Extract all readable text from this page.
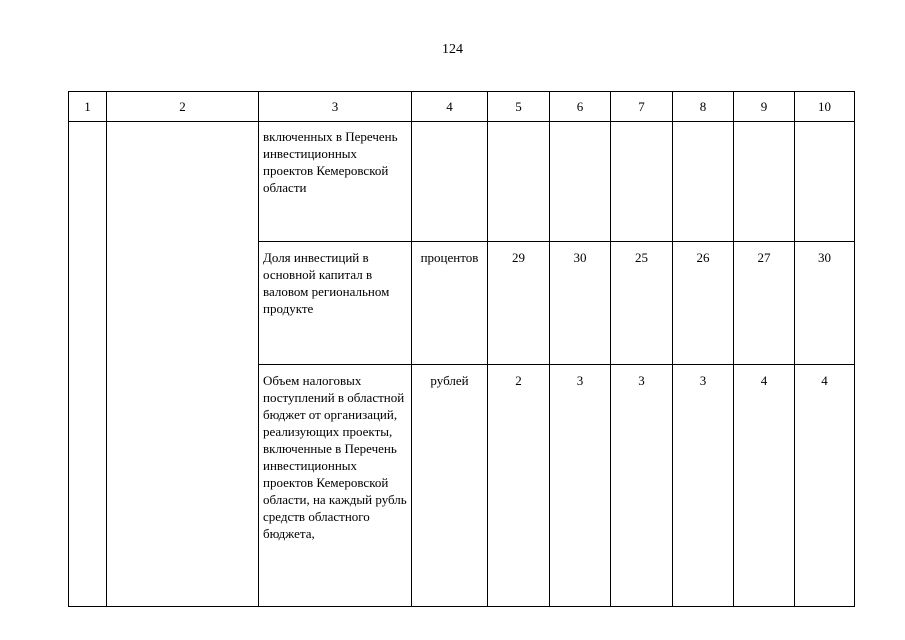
124
1	2	3	4	5	6	7	8	9	10
		включенных в Перечень инвестиционных проектов Кемеровской области							
		Доля инвестиций в основной капитал в валовом региональном продукте	процентов	29	30	25	26	27	30
		Объем налоговых поступлений в областной бюджет от организаций, реализующих проекты, включенные в Перечень инвестиционных проектов Кемеровской области, на каждый рубль средств областного бюджета,	рублей	2	3	3	3	4	4
